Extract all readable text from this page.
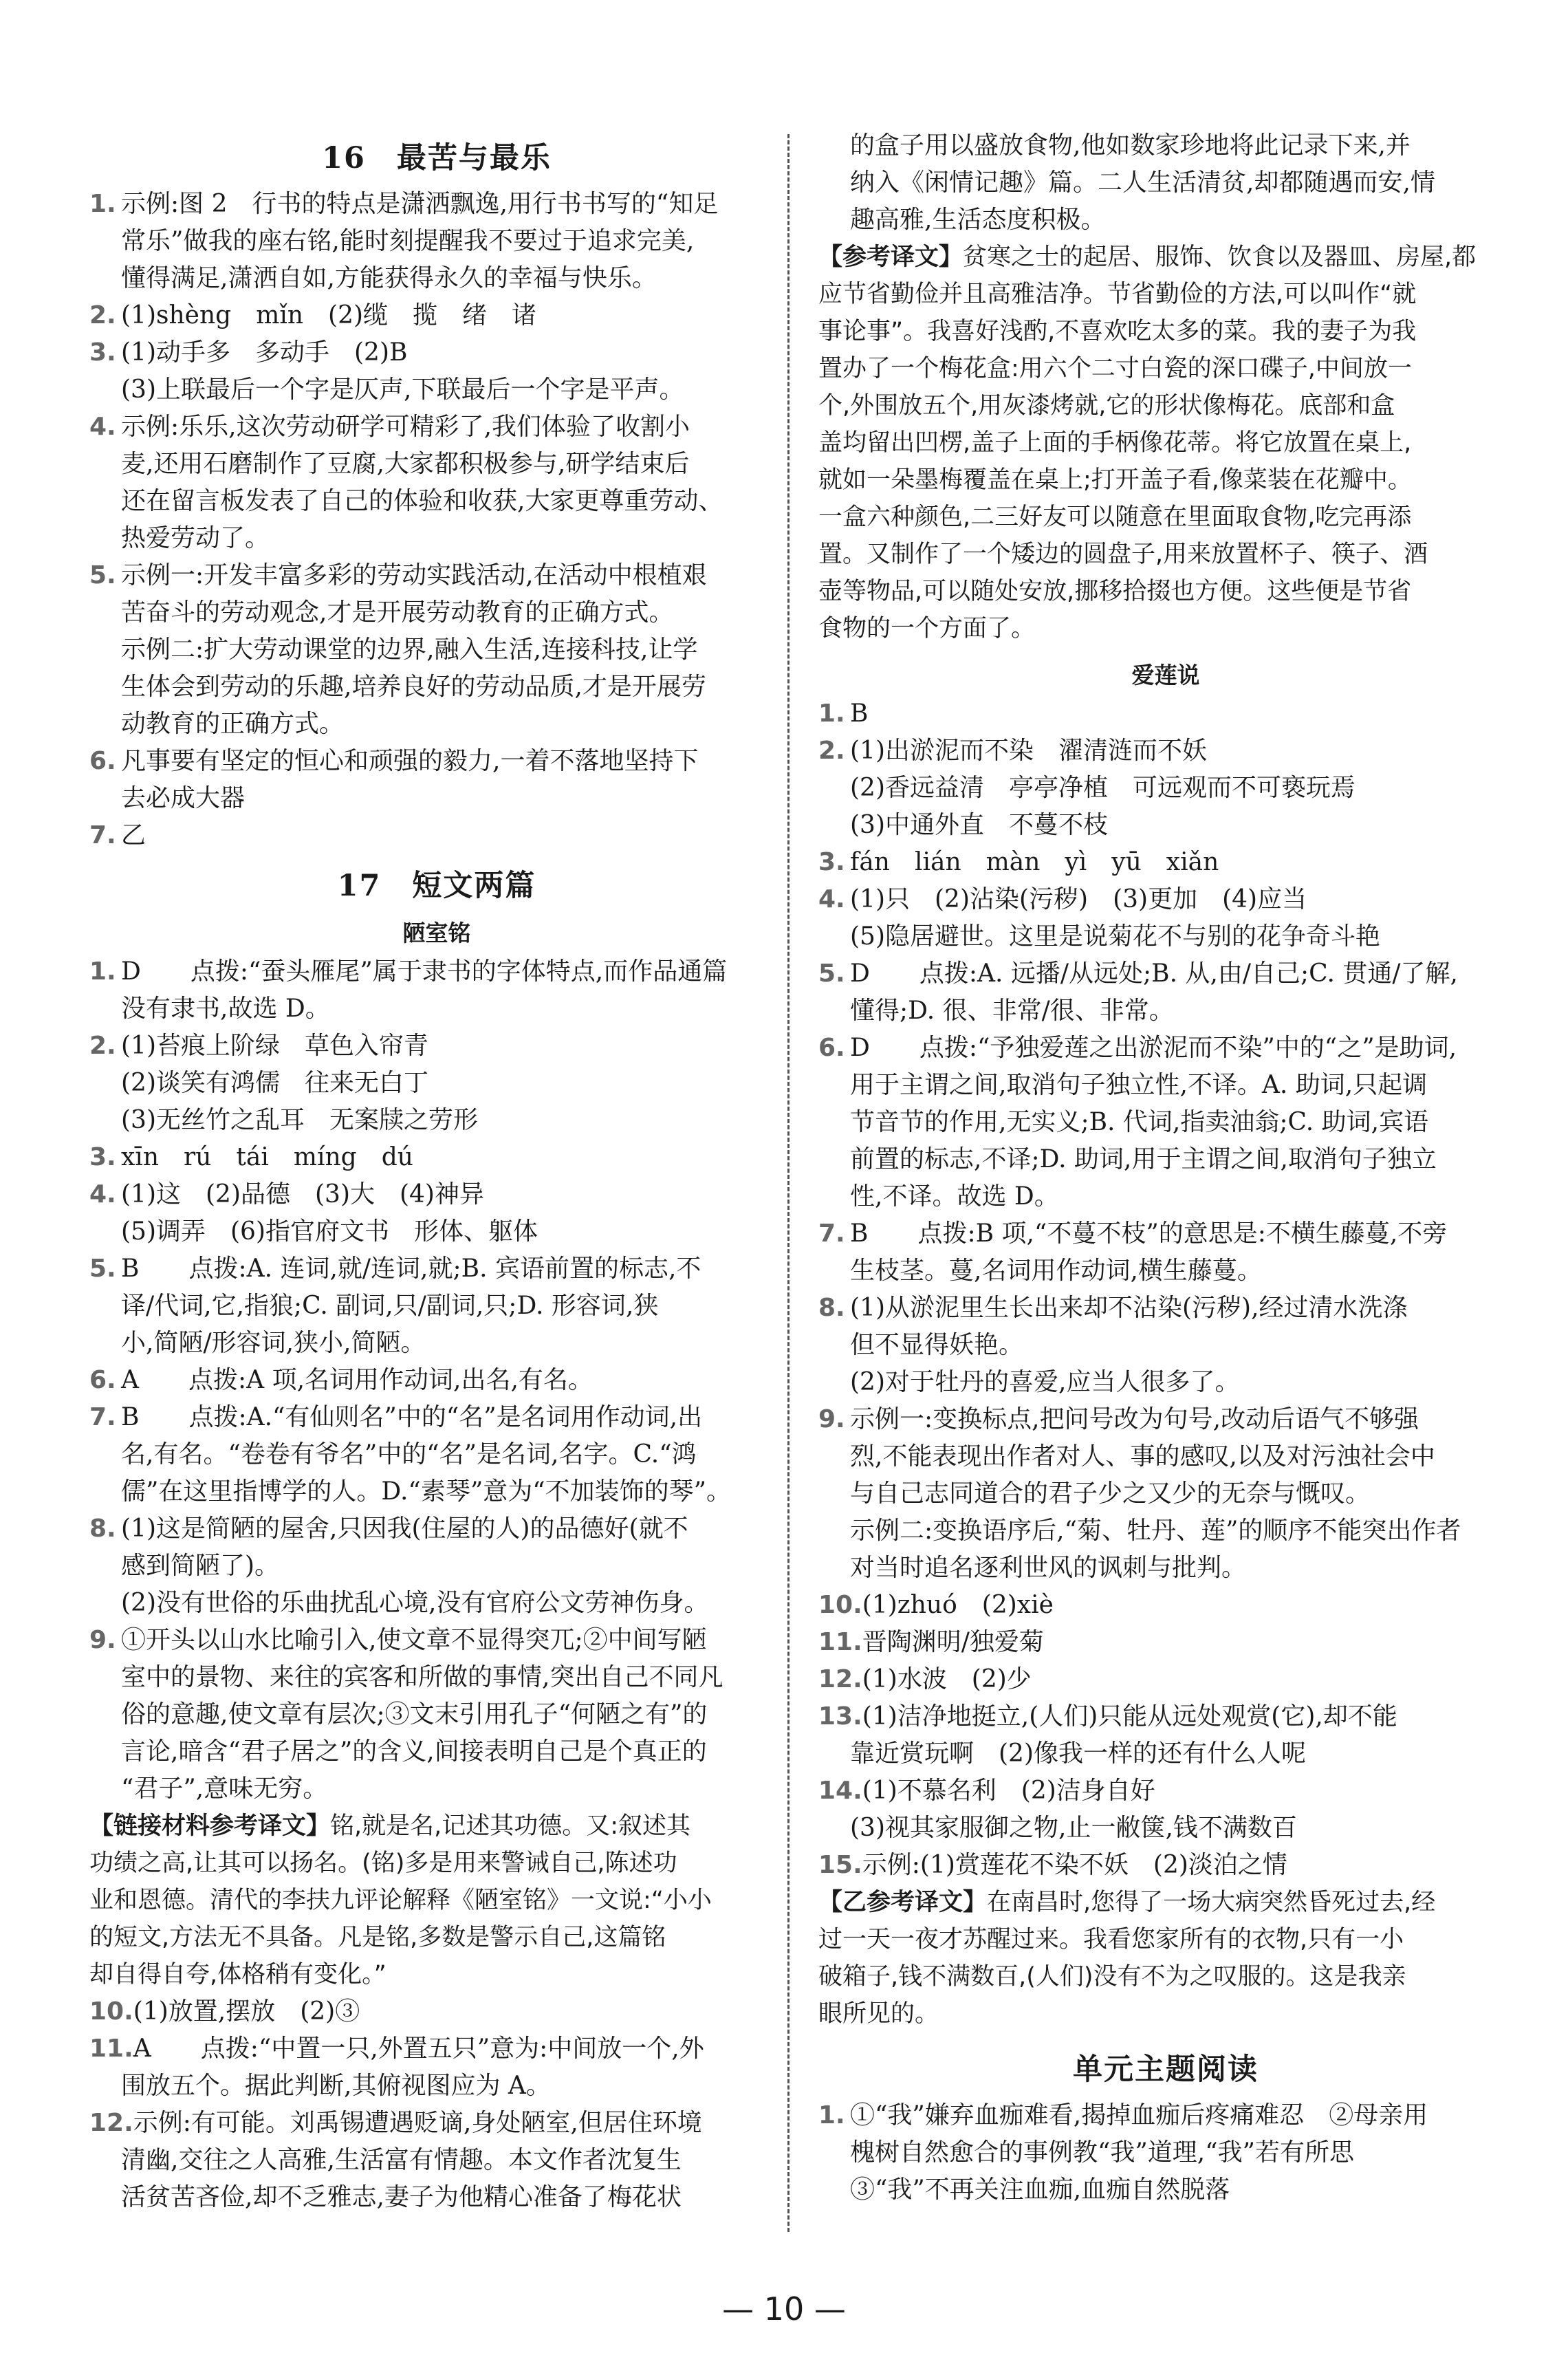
16　最苦与最乐
1. 示例:图 2　行书的特点是潇洒飘逸,用行书书写的“知足
常乐”做我的座右铭,能时刻提醒我不要过于追求完美,
懂得满足,潇洒自如,方能获得永久的幸福与快乐。
2. (1)shèng　mǐn　(2)缆　揽　绪　诸
3. (1)动手多　多动手　(2)B
(3)上联最后一个字是仄声,下联最后一个字是平声。
4. 示例:乐乐,这次劳动研学可精彩了,我们体验了收割小
麦,还用石磨制作了豆腐,大家都积极参与,研学结束后
还在留言板发表了自己的体验和收获,大家更尊重劳动、
热爱劳动了。
5. 示例一:开发丰富多彩的劳动实践活动,在活动中根植艰
苦奋斗的劳动观念,才是开展劳动教育的正确方式。
示例二:扩大劳动课堂的边界,融入生活,连接科技,让学
生体会到劳动的乐趣,培养良好的劳动品质,才是开展劳
动教育的正确方式。
6. 凡事要有坚定的恒心和顽强的毅力,一着不落地坚持下
去必成大器
7. 乙
17　短文两篇
陋室铭
1. D　　点拨:“蚕头雁尾”属于隶书的字体特点,而作品通篇
没有隶书,故选 D。
2. (1)苔痕上阶绿　草色入帘青
(2)谈笑有鸿儒　往来无白丁
(3)无丝竹之乱耳　无案牍之劳形
3. xīn　rú　tái　míng　dú
4. (1)这　(2)品德　(3)大　(4)神异
(5)调弄　(6)指官府文书　形体、躯体
5. B　　点拨:A. 连词,就/连词,就;B. 宾语前置的标志,不
译/代词,它,指狼;C. 副词,只/副词,只;D. 形容词,狭
小,简陋/形容词,狭小,简陋。
6. A　　点拨:A 项,名词用作动词,出名,有名。
7. B　　点拨:A.“有仙则名”中的“名”是名词用作动词,出
名,有名。“卷卷有爷名”中的“名”是名词,名字。C.“鸿
儒”在这里指博学的人。D.“素琴”意为“不加装饰的琴”。
8. (1)这是简陋的屋舍,只因我(住屋的人)的品德好(就不
感到简陋了)。
(2)没有世俗的乐曲扰乱心境,没有官府公文劳神伤身。
9. ①开头以山水比喻引入,使文章不显得突兀;②中间写陋
室中的景物、来往的宾客和所做的事情,突出自己不同凡
俗的意趣,使文章有层次;③文末引用孔子“何陋之有”的
言论,暗含“君子居之”的含义,间接表明自己是个真正的
“君子”,意味无穷。
【链接材料参考译文】铭,就是名,记述其功德。又:叙述其
功绩之高,让其可以扬名。(铭)多是用来警诫自己,陈述功
业和恩德。清代的李扶九评论解释《陋室铭》一文说:“小小
的短文,方法无不具备。凡是铭,多数是警示自己,这篇铭
却自得自夸,体格稍有变化。”
10.(1)放置,摆放　(2)③
11.A　　点拨:“中置一只,外置五只”意为:中间放一个,外
围放五个。据此判断,其俯视图应为 A。
12.示例:有可能。刘禹锡遭遇贬谪,身处陋室,但居住环境
清幽,交往之人高雅,生活富有情趣。本文作者沈复生
活贫苦吝俭,却不乏雅志,妻子为他精心准备了梅花状
的盒子用以盛放食物,他如数家珍地将此记录下来,并
纳入《闲情记趣》篇。二人生活清贫,却都随遇而安,情
趣高雅,生活态度积极。
【参考译文】贫寒之士的起居、服饰、饮食以及器皿、房屋,都
应节省勤俭并且高雅洁净。节省勤俭的方法,可以叫作“就
事论事”。我喜好浅酌,不喜欢吃太多的菜。我的妻子为我
置办了一个梅花盒:用六个二寸白瓷的深口碟子,中间放一
个,外围放五个,用灰漆烤就,它的形状像梅花。底部和盒
盖均留出凹楞,盖子上面的手柄像花蒂。将它放置在桌上,
就如一朵墨梅覆盖在桌上;打开盖子看,像菜装在花瓣中。
一盒六种颜色,二三好友可以随意在里面取食物,吃完再添
置。又制作了一个矮边的圆盘子,用来放置杯子、筷子、酒
壶等物品,可以随处安放,挪移拾掇也方便。这些便是节省
食物的一个方面了。
爱莲说
1. B
2. (1)出淤泥而不染　濯清涟而不妖
(2)香远益清　亭亭净植　可远观而不可亵玩焉
(3)中通外直　不蔓不枝
3. fán　lián　màn　yì　yū　xiǎn
4. (1)只　(2)沾染(污秽)　(3)更加　(4)应当
(5)隐居避世。这里是说菊花不与别的花争奇斗艳
5. D　　点拨:A. 远播/从远处;B. 从,由/自己;C. 贯通/了解,
懂得;D. 很、非常/很、非常。
6. D　　点拨:“予独爱莲之出淤泥而不染”中的“之”是助词,
用于主谓之间,取消句子独立性,不译。A. 助词,只起调
节音节的作用,无实义;B. 代词,指卖油翁;C. 助词,宾语
前置的标志,不译;D. 助词,用于主谓之间,取消句子独立
性,不译。故选 D。
7. B　　点拨:B 项,“不蔓不枝”的意思是:不横生藤蔓,不旁
生枝茎。蔓,名词用作动词,横生藤蔓。
8. (1)从淤泥里生长出来却不沾染(污秽),经过清水洗涤
但不显得妖艳。
(2)对于牡丹的喜爱,应当人很多了。
9. 示例一:变换标点,把问号改为句号,改动后语气不够强
烈,不能表现出作者对人、事的感叹,以及对污浊社会中
与自己志同道合的君子少之又少的无奈与慨叹。
示例二:变换语序后,“菊、牡丹、莲”的顺序不能突出作者
对当时追名逐利世风的讽刺与批判。
10.(1)zhuó　(2)xiè
11.晋陶渊明/独爱菊
12.(1)水波　(2)少
13.(1)洁净地挺立,(人们)只能从远处观赏(它),却不能
靠近赏玩啊　(2)像我一样的还有什么人呢
14.(1)不慕名利　(2)洁身自好
(3)视其家服御之物,止一敝箧,钱不满数百
15.示例:(1)赏莲花不染不妖　(2)淡泊之情
【乙参考译文】在南昌时,您得了一场大病突然昏死过去,经
过一天一夜才苏醒过来。我看您家所有的衣物,只有一小
破箱子,钱不满数百,(人们)没有不为之叹服的。这是我亲
眼所见的。
单元主题阅读
1. ①“我”嫌弃血痂难看,揭掉血痂后疼痛难忍　②母亲用
槐树自然愈合的事例教“我”道理,“我”若有所思
③“我”不再关注血痂,血痂自然脱落
— 10 —
